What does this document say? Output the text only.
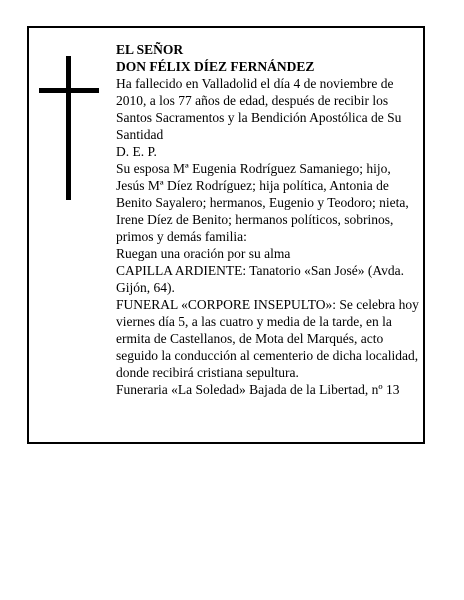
EL SEÑOR

DON FÉLIX DÍEZ FERNÁNDEZ

Ha fallecido en Valladolid el día 4 de noviembre de 2010, a los 77 años de edad, después de recibir los Santos Sacramentos y la Bendición Apostólica de Su Santidad

D. E. P.

Su esposa Mª Eugenia Rodríguez Samaniego; hijo, Jesús Mª Díez Rodríguez; hija política, Antonia de Benito Sayalero; hermanos, Eugenio y Teodoro; nieta, Irene Díez de Benito; hermanos políticos, sobrinos, primos y demás familia:

Ruegan una oración por su alma

CAPILLA ARDIENTE: Tanatorio «San José» (Avda. Gijón, 64).

FUNERAL «CORPORE INSEPULTO»: Se celebra hoy viernes día 5, a las cuatro y media de la tarde, en la ermita de Castellanos, de Mota del Marqués, acto seguido la conducción al cementerio de dicha localidad, donde recibirá cristiana sepultura.

Funeraria «La Soledad» Bajada de la Libertad, nº 13
